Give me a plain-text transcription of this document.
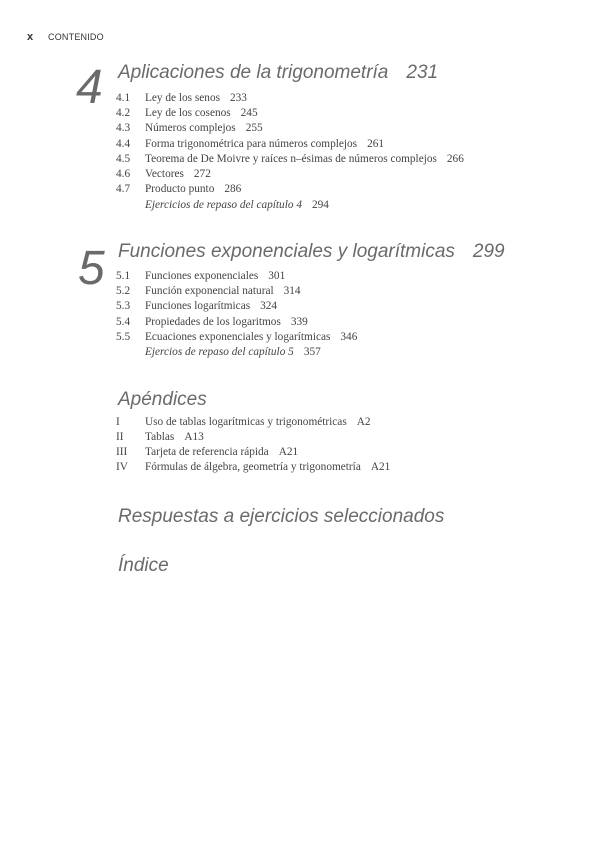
x CONTENIDO
4 Aplicaciones de la trigonometría 231
4.1 Ley de los senos 233
4.2 Ley de los cosenos 245
4.3 Números complejos 255
4.4 Forma trigonométrica para números complejos 261
4.5 Teorema de De Moivre y raíces n–ésimas de números complejos 266
4.6 Vectores 272
4.7 Producto punto 286
Ejercicios de repaso del capítulo 4 294
5 Funciones exponenciales y logarítmicas 299
5.1 Funciones exponenciales 301
5.2 Función exponencial natural 314
5.3 Funciones logarítmicas 324
5.4 Propiedades de los logaritmos 339
5.5 Ecuaciones exponenciales y logarítmicas 346
Ejercios de repaso del capítulo 5 357
Apéndices
I Uso de tablas logarítmicas y trigonométricas A2
II Tablas A13
III Tarjeta de referencia rápida A21
IV Fórmulas de álgebra, geometría y trigonometría A21
Respuestas a ejercicios seleccionados
Índice
